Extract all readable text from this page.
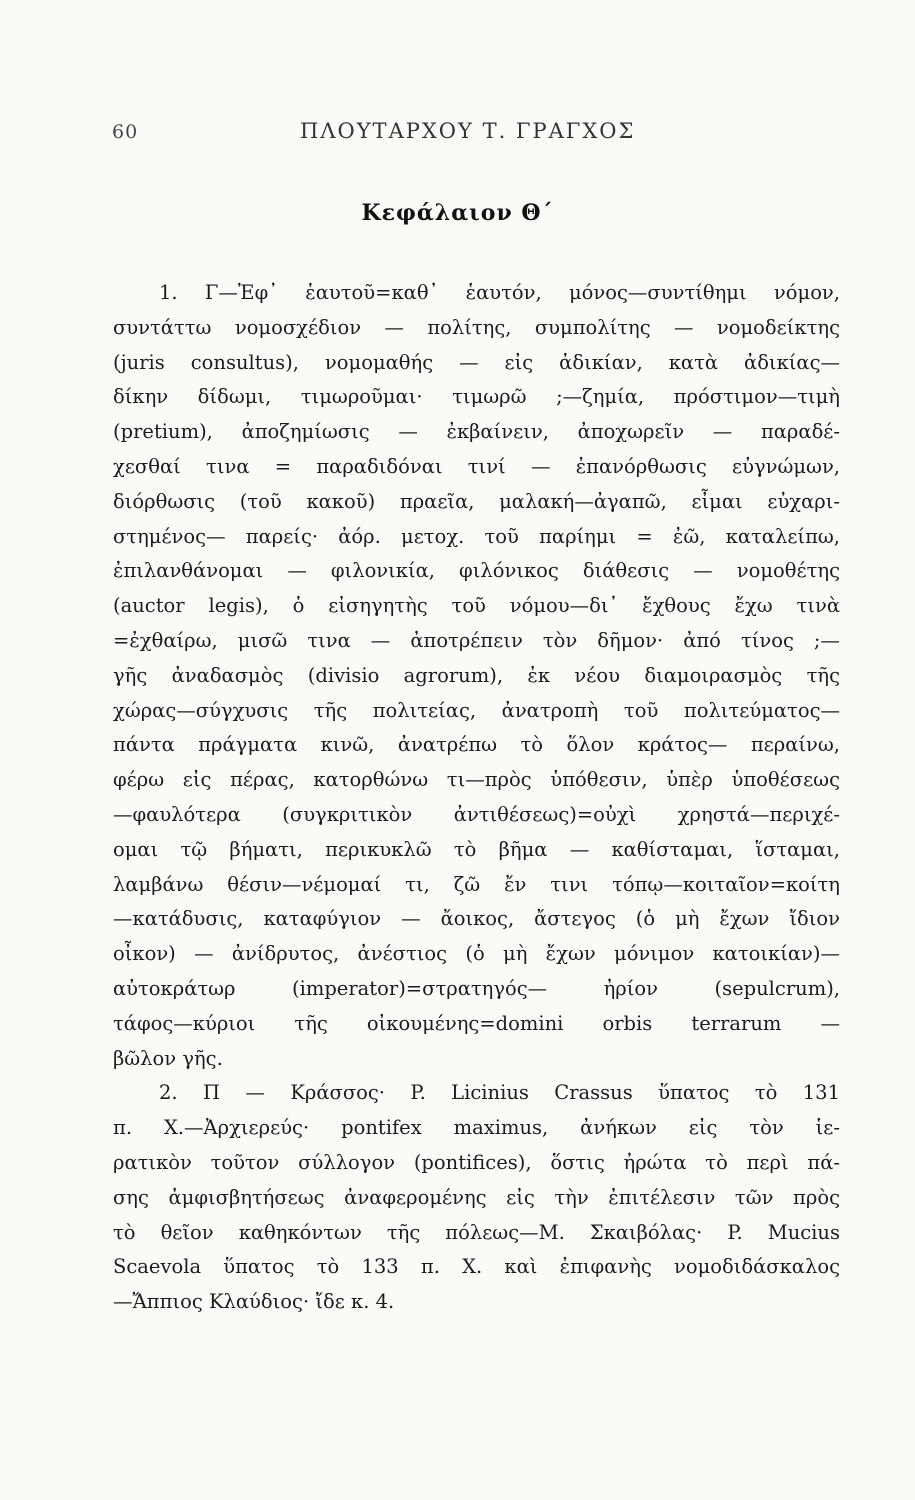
60	ΠΛΟΥΤΑΡΧΟΥ Τ. ΓΡΑΓΧΟΣ
Κεφάλαιον Θ΄
1. Γ—Ἐφ᾿ ἑαυτοῦ=καθ᾿ ἑαυτόν, μόνος—συντίθημι νόμον,
συντάττω νομοσχέδιον — πολίτης, συμπολίτης — νομοδείκτης
(juris consultus), νομομαθής — εἰς ἀδικίαν, κατὰ ἀδικίας—
δίκην δίδωμι, τιμωροῦμαι· τιμωρῶ ;—ζημία, πρόστιμον—τιμὴ
(pretium), ἀποζημίωσις — ἐκβαίνειν, ἀποχωρεῖν — παραδέ-
χεσθαί τινα = παραδιδόναι τινί — ἐπανόρθωσις εὐγνώμων,
διόρθωσις (τοῦ κακοῦ) πραεῖα, μαλακή—ἀγαπῶ, εἶμαι εὐχαρι-
στημένος— παρείς· ἀόρ. μετοχ. τοῦ παρίημι = ἐῶ, καταλείπω,
ἐπιλανθάνομαι — φιλονικία, φιλόνικος διάθεσις — νομοθέτης
(auctor legis), ὁ εἰσηγητὴς τοῦ νόμου—δι᾿ ἔχθους ἔχω τινὰ
=ἐχθαίρω, μισῶ τινα — ἀποτρέπειν τὸν δῆμον· ἀπό τίνος ;—
γῆς ἀναδασμὸς (divisio agrorum), ἐκ νέου διαμοιρασμὸς τῆς
χώρας—σύγχυσις τῆς πολιτείας, ἀνατροπὴ τοῦ πολιτεύματος—
πάντα πράγματα κινῶ, ἀνατρέπω τὸ ὅλον κράτος— περαίνω,
φέρω εἰς πέρας, κατορθώνω τι—πρὸς ὑπόθεσιν, ὑπὲρ ὑποθέσεως
—φαυλότερα (συγκριτικὸν ἀντιθέσεως)=οὐχὶ χρηστά—περιχέ-
ομαι τῷ βήματι, περικυκλῶ τὸ βῆμα — καθίσταμαι, ἵσταμαι,
λαμβάνω θέσιν—νέμομαί τι, ζῶ ἔν τινι τόπῳ—κοιταῖον=κοίτη
—κατάδυσις, καταφύγιον — ἄοικος, ἄστεγος (ὁ μὴ ἔχων ἴδιον
οἶκον) — ἀνίδρυτος, ἀνέστιος (ὁ μὴ ἔχων μόνιμον κατοικίαν)—
αὐτοκράτωρ (imperator)=στρατηγός— ἠρίον (sepulcrum),
τάφος—κύριοι τῆς οἰκουμένης=domini orbis terrarum —
βῶλον γῆς.
2. Π — Κράσσος· P. Licinius Crassus ὕπατος τὸ 131
π. Χ.—Ἀρχιερεύς· pontifex maximus, ἀνήκων εἰς τὸν ἱε-
ρατικὸν τοῦτον σύλλογον (pontifices), ὅστις ἠρώτα τὸ περὶ πά-
σης ἀμφισβητήσεως ἀναφερομένης εἰς τὴν ἐπιτέλεσιν τῶν πρὸς
τὸ θεῖον καθηκόντων τῆς πόλεως—Μ. Σκαιβόλας· P. Mucius
Scaevola ὕπατος τὸ 133 π. Χ. καὶ ἐπιφανὴς νομοδιδάσκαλος
—Ἄππιος Κλαύδιος· ἴδε κ. 4.
